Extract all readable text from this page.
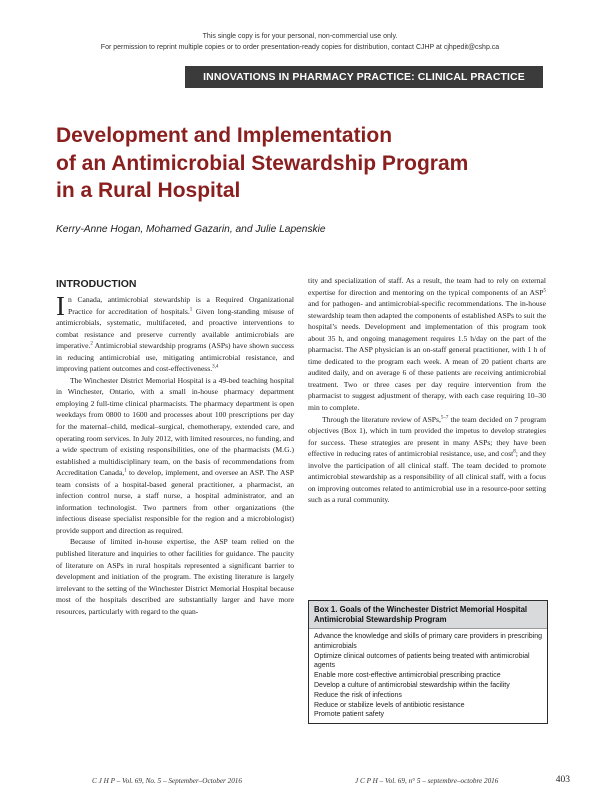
This single copy is for your personal, non-commercial use only.
For permission to reprint multiple copies or to order presentation-ready copies for distribution, contact CJHP at cjhpedit@cshp.ca
INNOVATIONS IN PHARMACY PRACTICE: CLINICAL PRACTICE
Development and Implementation
of an Antimicrobial Stewardship Program
in a Rural Hospital
Kerry-Anne Hogan, Mohamed Gazarin, and Julie Lapenskie
INTRODUCTION

In Canada, antimicrobial stewardship is a Required Organizational Practice for accreditation of hospitals.$^1$ Given long-standing misuse of antimicrobials, systematic, multifaceted, and proactive interventions to combat resistance and preserve currently available antimicrobials are imperative.$^2$ Antimicrobial stewardship programs (ASPs) have shown success in reducing antimicrobial use, mitigating antimicrobial resistance, and improving patient outcomes and cost-effectiveness.$^{3,4}$

The Winchester District Memorial Hospital is a 49-bed teaching hospital in Winchester, Ontario, with a small in-house pharmacy department employing 2 full-time clinical pharmacists. The pharmacy department is open weekdays from 0800 to 1600 and processes about 100 prescriptions per day for the maternal–child, medical–surgical, chemotherapy, extended care, and operating room services. In July 2012, with limited resources, no funding, and a wide spectrum of existing responsibilities, one of the pharmacists (M.G.) established a multidisciplinary team, on the basis of recommendations from Accreditation Canada,$^1$ to develop, implement, and oversee an ASP. The ASP team consists of a hospital-based general practitioner, a pharmacist, an infection control nurse, a staff nurse, a hospital administrator, and an information technologist. Two partners from other organizations (the infectious disease specialist responsible for the region and a microbiologist) provide support and direction as required.

Because of limited in-house expertise, the ASP team relied on the published literature and inquiries to other facilities for guidance. The paucity of literature on ASPs in rural hospitals represented a significant barrier to development and initiation of the program. The existing literature is largely irrelevant to the setting of the Winchester District Memorial Hospital because most of the hospitals described are substantially larger and have more resources, particularly with regard to the quan-

tity and specialization of staff. As a result, the team had to rely on external expertise for direction and mentoring on the typical components of an ASP$^5$ and for pathogen- and antimicrobial-specific recommendations. The in-house stewardship team then adapted the components of established ASPs to suit the hospital’s needs. Development and implementation of this program took about 35 h, and ongoing management requires 1.5 h/day on the part of the pharmacist. The ASP physician is an on-staff general practitioner, with 1 h of time dedicated to the program each week. A mean of 20 patient charts are audited daily, and on average 6 of these patients are receiving antimicrobial treatment. Two or three cases per day require intervention from the pharmacist to suggest adjustment of therapy, with each case requiring 10–30 min to complete.

Through the literature review of ASPs,$^{5-7}$ the team decided on 7 program objectives (Box 1), which in turn provided the impetus to develop strategies for success. These strategies are present in many ASPs; they have been effective in reducing rates of antimicrobial resistance, use, and cost$^8$; and they involve the participation of all clinical staff. The team decided to promote antimicrobial stewardship as a responsibility of all clinical staff, with a focus on improving outcomes related to antimicrobial use in a resource-poor setting such as a rural community.

Box 1. Goals of the Winchester District Memorial Hospital Antimicrobial Stewardship Program
Advance the knowledge and skills of primary care providers in prescribing antimicrobials
Optimize clinical outcomes of patients being treated with antimicrobial agents
Enable more cost-effective antimicrobial prescribing practice
Develop a culture of antimicrobial stewardship within the facility
Reduce the risk of infections
Reduce or stabilize levels of antibiotic resistance
Promote patient safety
C J H P – Vol. 69, No. 5 – September–October 2016	J C P H – Vol. 69, n° 5 – septembre–octobre 2016	403
